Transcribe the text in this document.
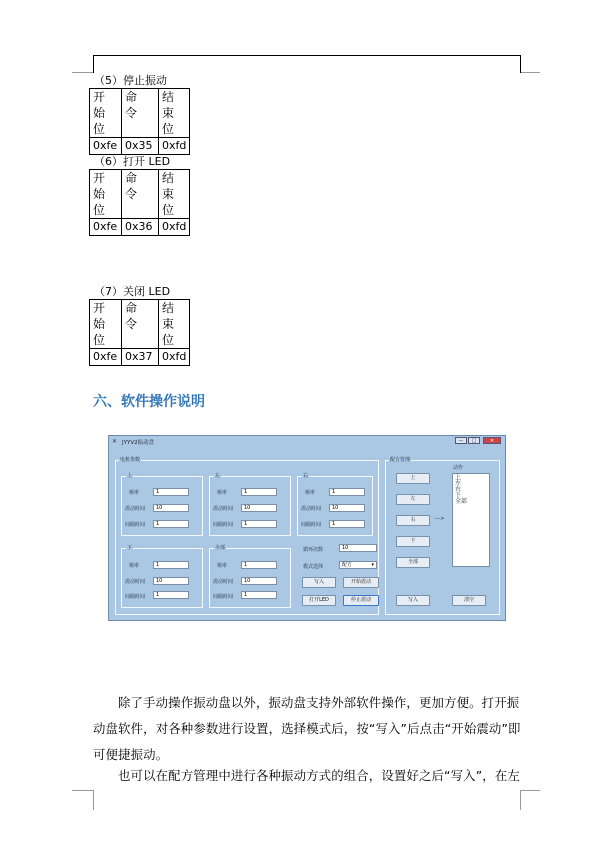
（5）停止振动
开始位	命令	结束位

0xfe	0x35	0xfd
（6）打开 LED
开始位	命令	结束位

0xfe	0x36	0xfd
（7）关闭 LED
开始位	命令	结束位

0xfe	0x37	0xfd
六、软件操作说明
✕ JYYV2振动盘	—	□	✕
电机参数
上
频率	1
震动时间	10
间隔时间	1
左
频率	1
震动时间	10
间隔时间	1
右
频率	1
震动时间	10
间隔时间	1
下
频率	1
震动时间	10
间隔时间	1
全部
频率	1
震动时间	10
间隔时间	1
循环次数	10
模式选择	配方	▾
写入	开始震动
打开LED	停止震动
配方管理
上
左
右
下
全部
--->
动作
上
左
右
下
全部
写入	清空
除了手动操作振动盘以外，振动盘支持外部软件操作，更加方便。打开振动盘软件，对各种参数进行设置，选择模式后，按“写入”后点击“开始震动”即可便捷振动。
也可以在配方管理中进行各种振动方式的组合，设置好之后“写入”，在左
